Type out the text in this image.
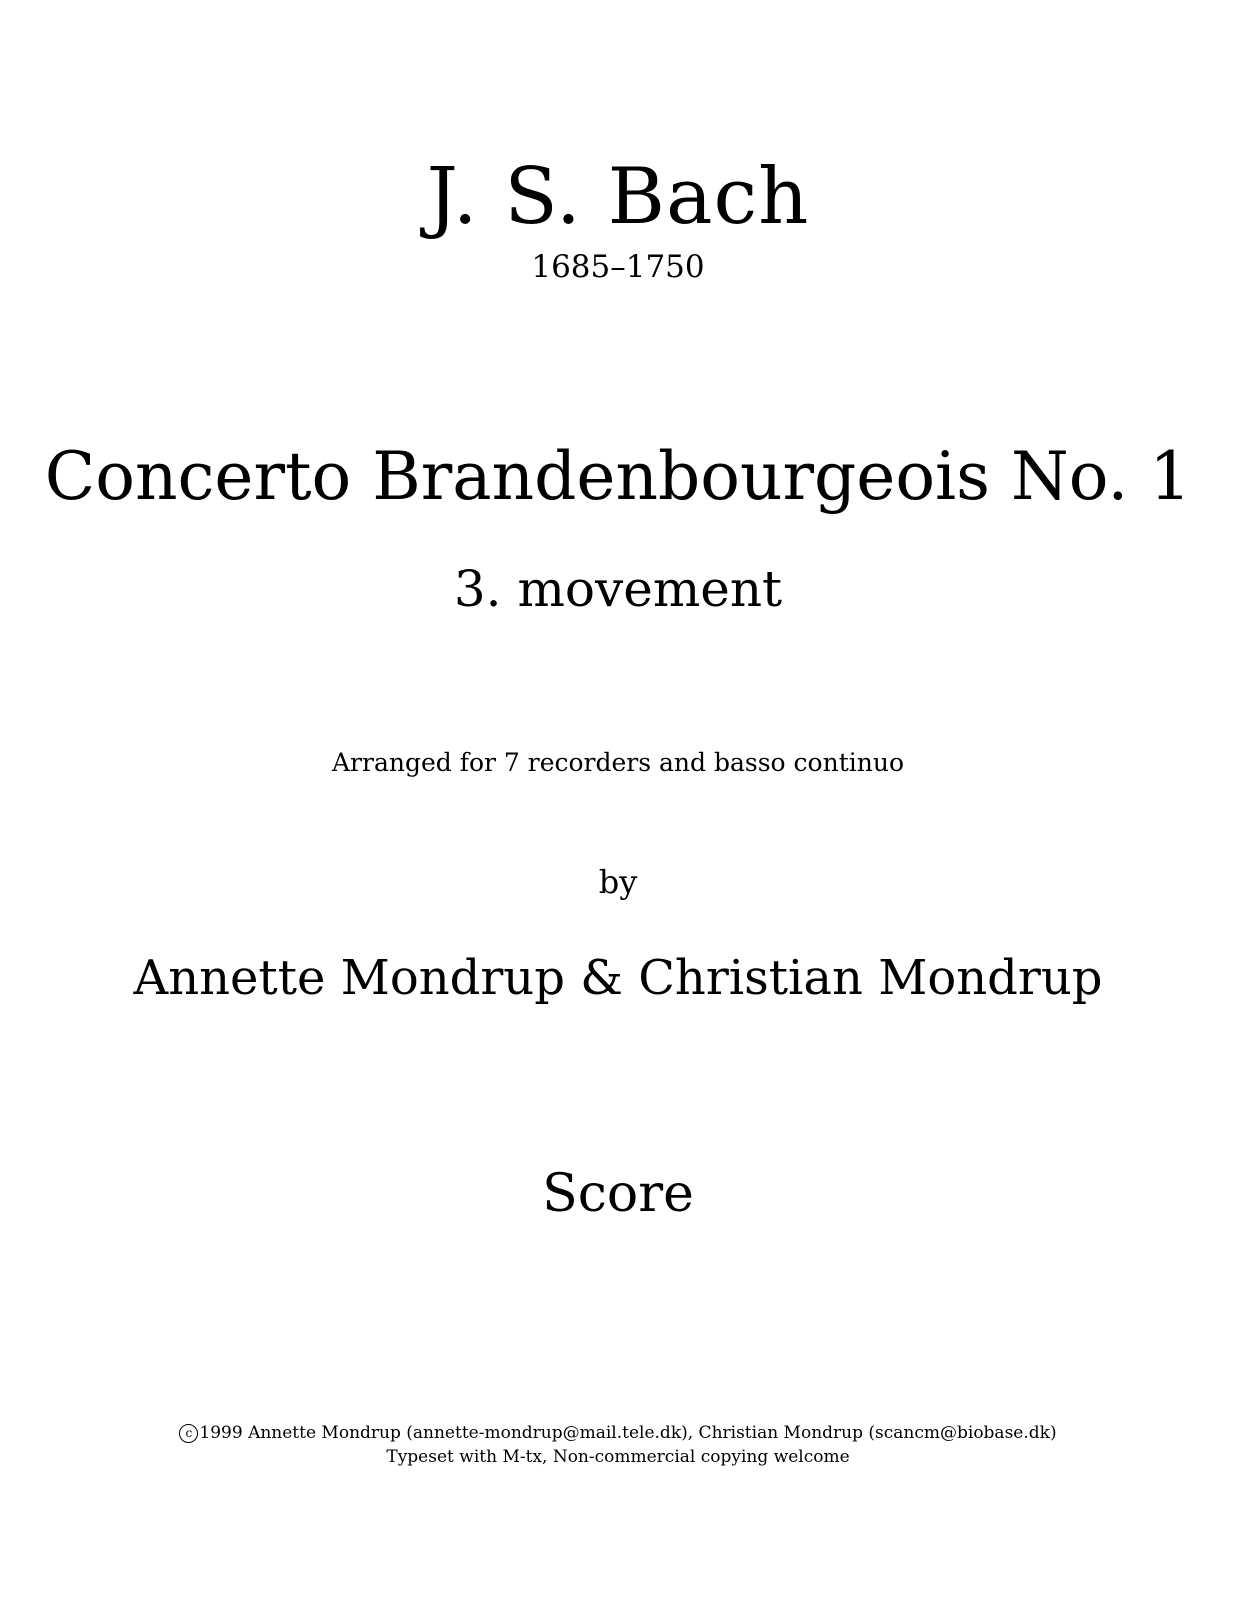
J. S. Bach
1685–1750
Concerto Brandenbourgeois No. 1
3. movement
Arranged for 7 recorders and basso continuo
by
Annette Mondrup & Christian Mondrup
Score
c 1999 Annette Mondrup (annette-mondrup@mail.tele.dk), Christian Mondrup (scancm@biobase.dk)
Typeset with M-tx, Non-commercial copying welcome
